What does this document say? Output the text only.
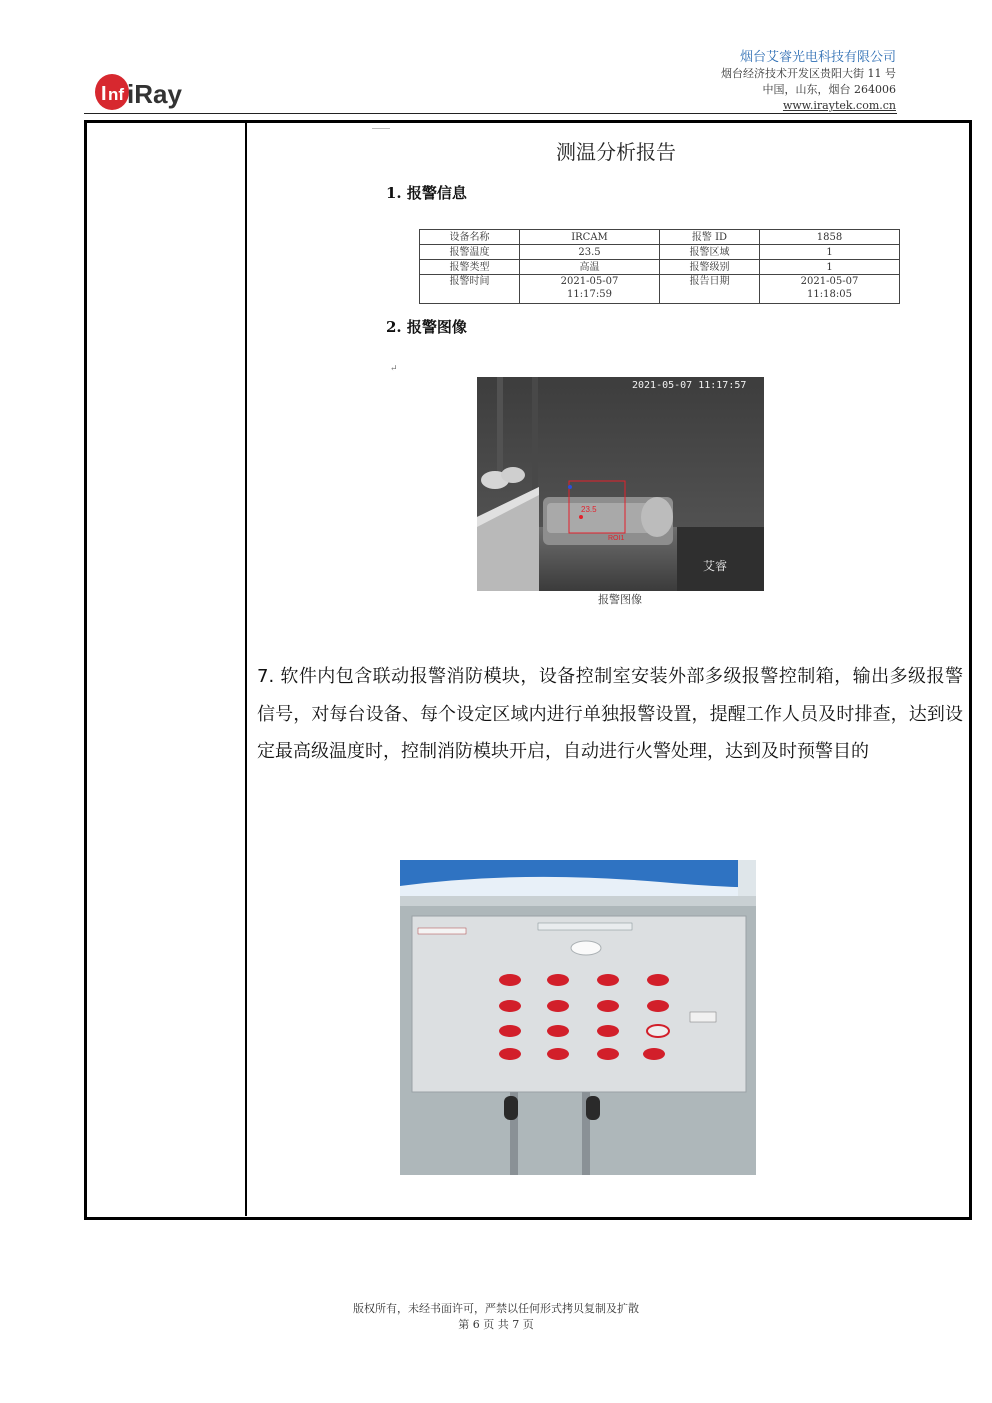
I nf iRay
烟台艾睿光电科技有限公司
烟台经济技术开发区贵阳大街 11 号
中国，山东，烟台 264006
www.iraytek.com.cn
测温分析报告
1. 报警信息
设备名称	IRCAM	报警 ID	1858
报警温度	23.5	报警区域	1
报警类型	高温	报警级别	1
报警时间	2021-05-07 11:17:59	报告日期	2021-05-07 11:18:05
2. 报警图像
↵
23.5
ROI1
2021-05-07 11:17:57
艾睿
报警图像
7. 软件内包含联动报警消防模块，设备控制室安装外部多级报警控制箱，输出多级报警信号，对每台设备、每个设定区域内进行单独报警设置，提醒工作人员及时排查，达到设定最高级温度时，控制消防模块开启，自动进行火警处理，达到及时预警目的
版权所有，未经书面许可，严禁以任何形式拷贝复制及扩散
第 6 页 共 7 页
